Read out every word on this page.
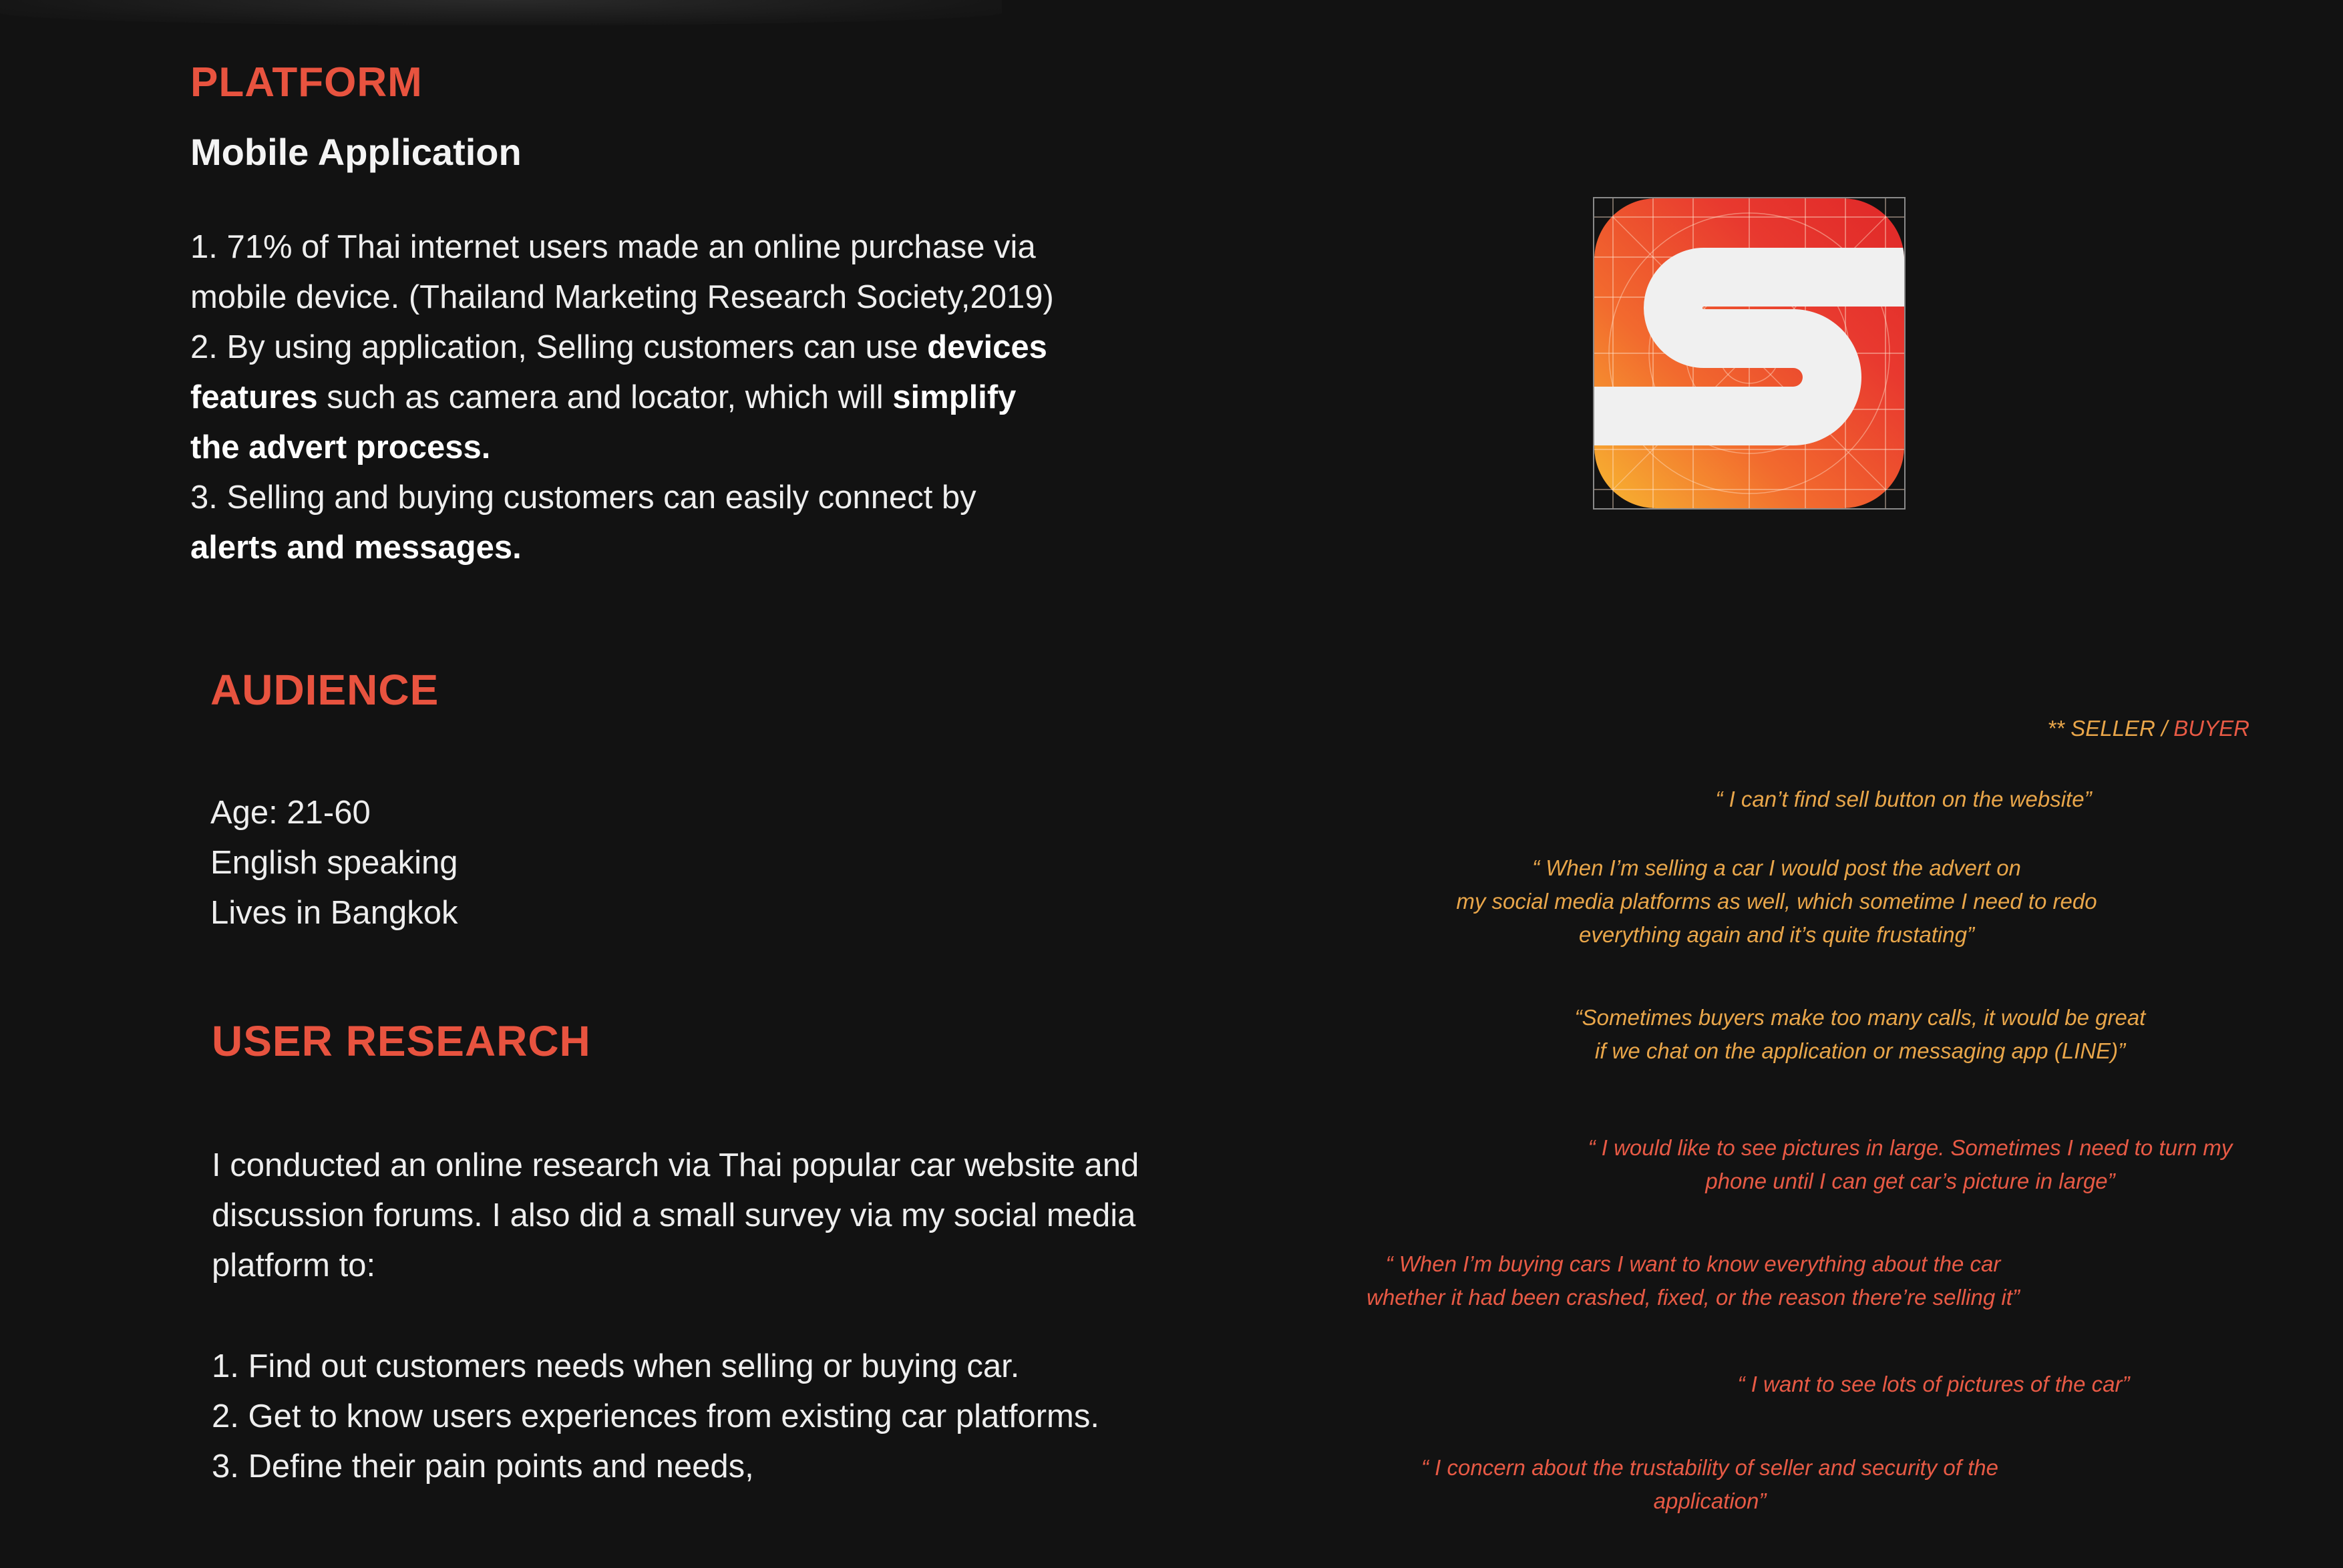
PLATFORM
Mobile Application
1. 71% of Thai internet users made an online purchase via
mobile device. (Thailand Marketing Research Society,2019)
2. By using application, Selling customers can use devices
features such as camera and locator, which will simplify
the advert process.
3. Selling and buying customers can easily connect by
alerts and messages.
AUDIENCE
Age: 21-60
English speaking
Lives in Bangkok
USER RESEARCH
I conducted an online research via Thai popular car website and
discussion forums. I also did a small survey via my social media
platform to:
1. Find out customers needs when selling or buying car.
2. Get to know users experiences from existing car platforms.
3. Define their pain points and needs,
** SELLER / BUYER
“ I can’t find sell button on the website”
“ When I’m selling a car I would post the advert on
my social media platforms as well, which sometime I need to redo
everything again and it’s quite frustating”
“Sometimes buyers make too many calls, it would be great
if we chat on the application or messaging app (LINE)”
“ I would like to see pictures in large. Sometimes I need to turn my
phone until I can get car’s picture in large”
“ When I’m buying cars I want to know everything about the car
whether it had been crashed, fixed, or the reason there’re selling it”
“ I want to see lots of pictures of the car”
“ I concern about the trustability of seller and security of the
application”
